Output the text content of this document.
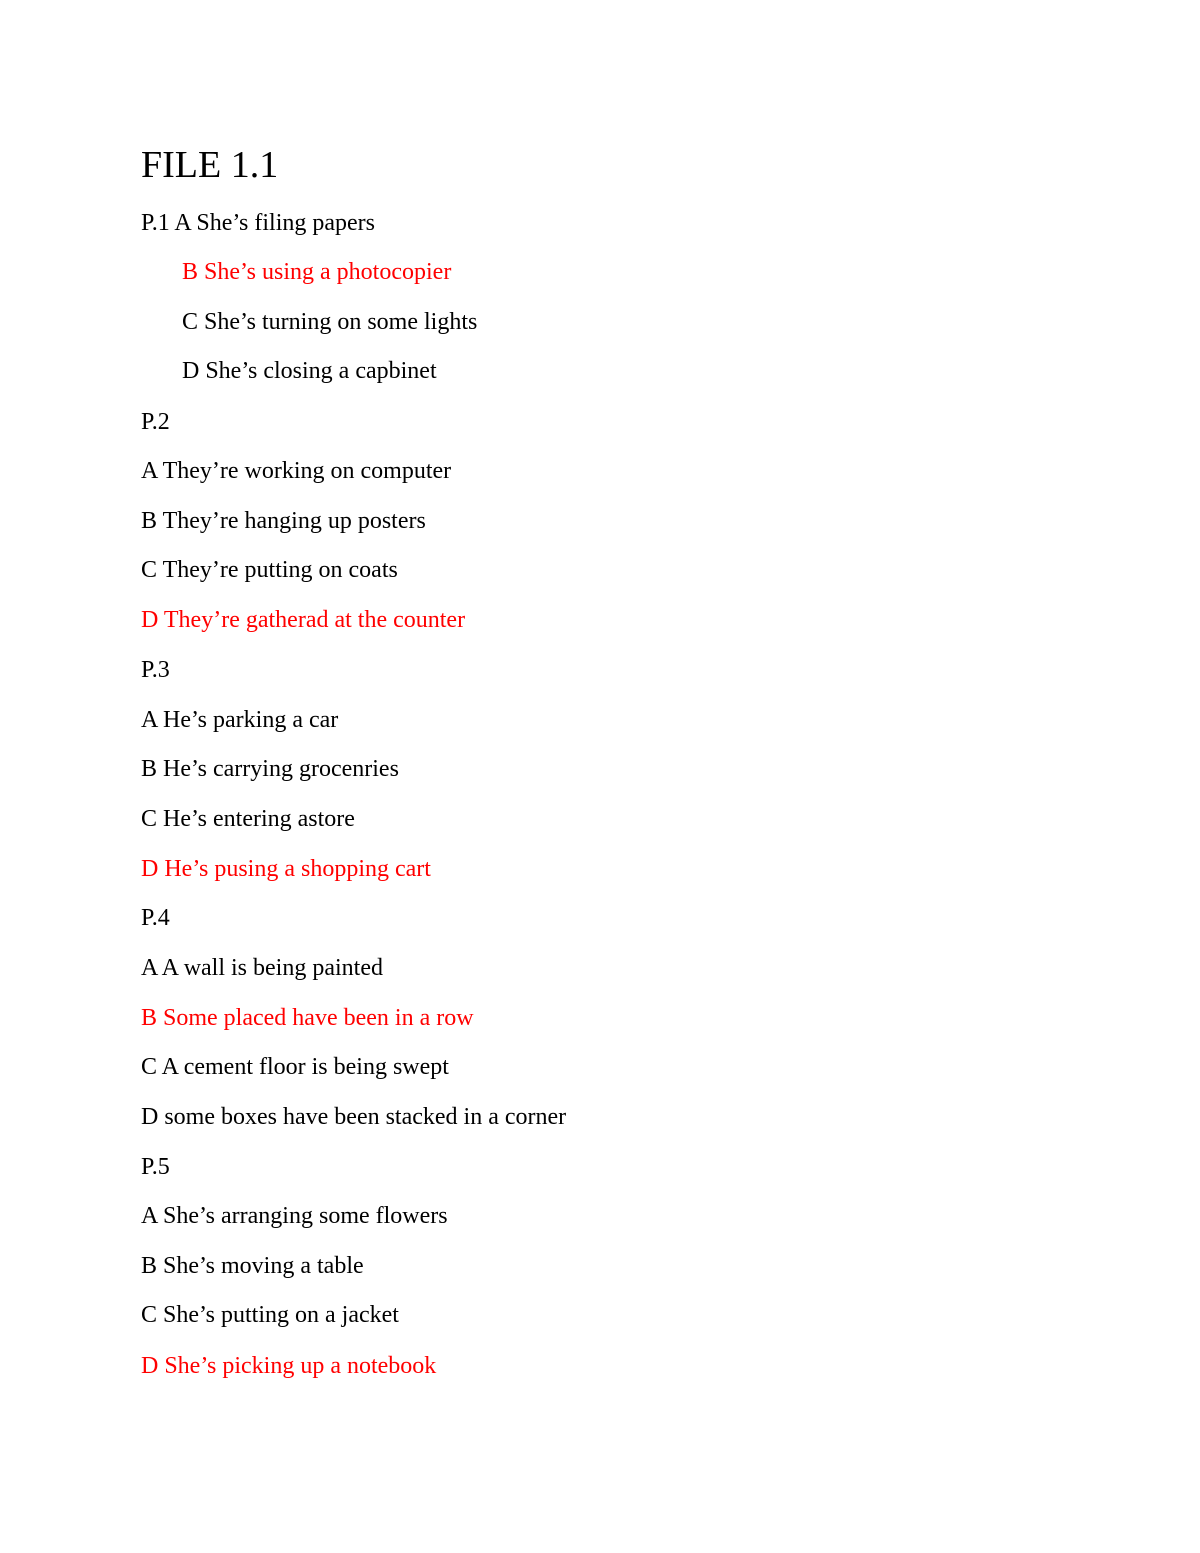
FILE 1.1
P.1 A She’s filing papers
B She’s using a photocopier
C She’s turning on some lights
D She’s closing a capbinet
P.2
A They’re working on computer
B They’re hanging up posters
C They’re putting on coats
D They’re gatherad at the counter
P.3
A He’s parking a car
B He’s carrying grocenries
C He’s entering astore
D He’s pusing a shopping cart
P.4
A A wall is being painted
B Some placed have been in a row
C A cement floor is being swept
D some boxes have been stacked in a corner
P.5
A She’s arranging some flowers
B She’s moving a table
C She’s putting on a jacket
D She’s picking up a notebook
